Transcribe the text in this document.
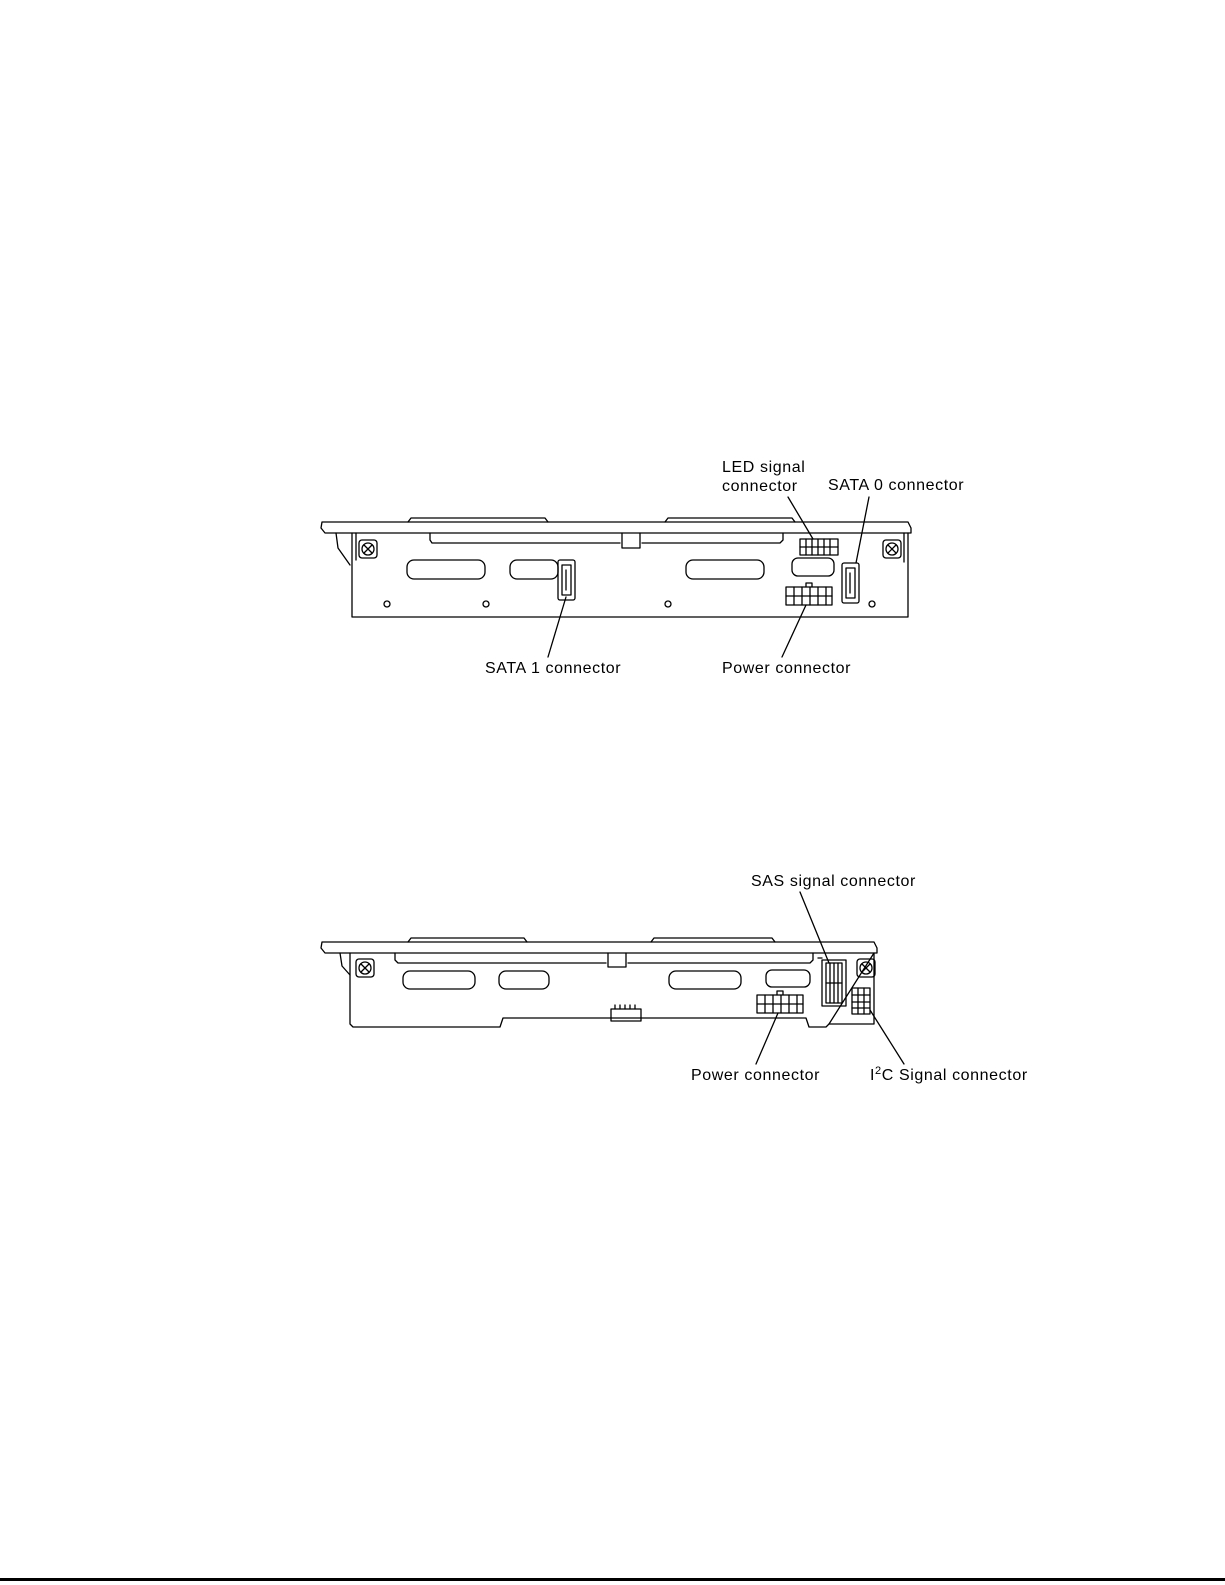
LED signal
connector SATA 0 connector
SATA 1 connector	Power connector
SAS signal connector
Power connector	$I^2C$ Signal connector
